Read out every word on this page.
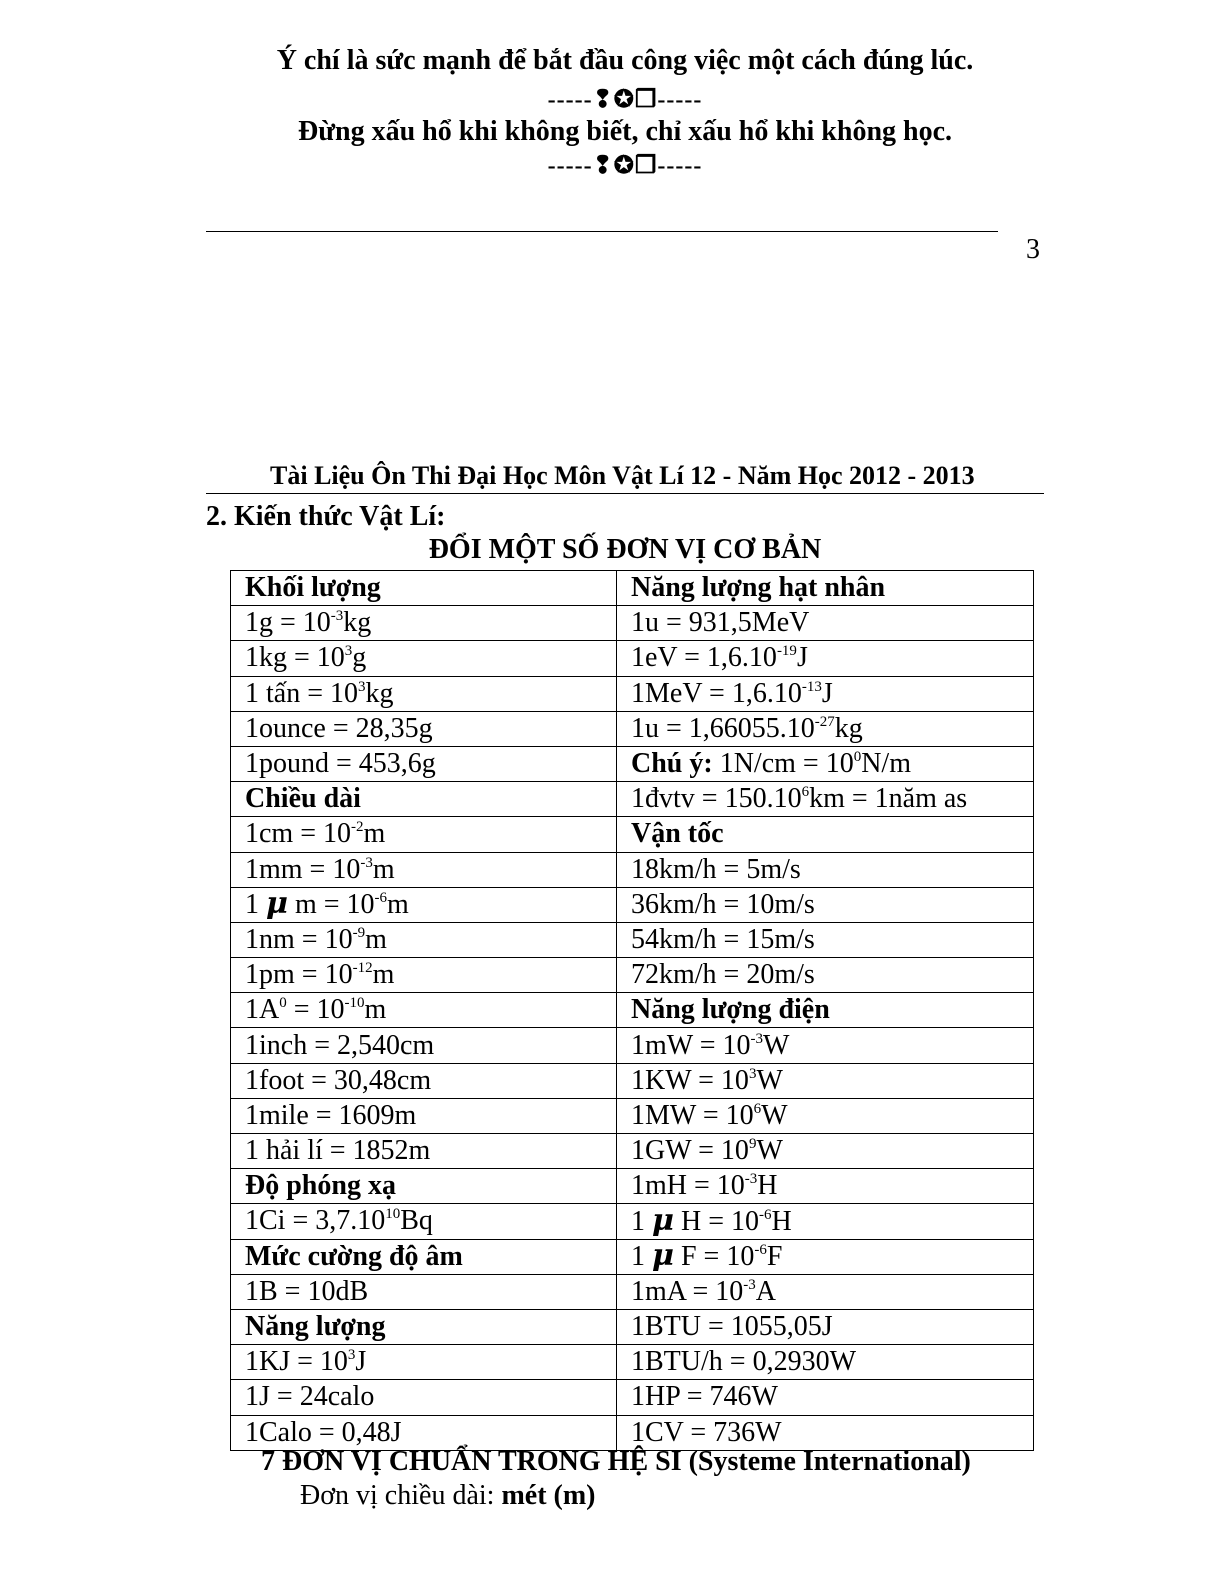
Ý chí là sức mạnh để bắt đầu công việc một cách đúng lúc.
-----❢✪❒-----
Đừng xấu hổ khi không biết, chỉ xấu hổ khi không học.
-----❢✪❒-----
3
Tài Liệu Ôn Thi Đại Học Môn Vật Lí 12 - Năm Học 2012 - 2013
2. Kiến thức Vật Lí:
ĐỔI MỘT SỐ ĐƠN VỊ CƠ BẢN
Khối lượng	Năng lượng hạt nhân
$1g = 10^{-3}kg$	1u = 931,5MeV
$1kg = 10^3g$	$1eV = 1,6.10^{-19}J$
1 tấn = $10^3kg$	$1MeV = 1,6.10^{-13}J$
1ounce = 28,35g	$1u = 1,66055.10^{-27}kg$
1pound = 453,6g	Chú ý: $1N/cm = 10^0N/m$
Chiều dài	1đvtv = $150.10^6km$ = 1năm as
$1cm = 10^{-2}m$	Vận tốc
$1mm = 10^{-3}m$	18km/h = 5m/s
1 μ $m = 10^{-6}m$	36km/h = 10m/s
$1nm = 10^{-9}m$	54km/h = 15m/s
$1pm = 10^{-12}m$	72km/h = 20m/s
$1A^0 = 10^{-10}m$	Năng lượng điện
1inch = 2,540cm	$1mW = 10^{-3}W$
1foot = 30,48cm	$1KW = 10^3W$
1mile = 1609m	$1MW = 10^6W$
1 hải lí = 1852m	$1GW = 10^9W$
Độ phóng xạ	$1mH = 10^{-3}H$
$1Ci = 3,7.10^{10}Bq$	1 μ $H = 10^{-6}H$
Mức cường độ âm	1 μ $F = 10^{-6}F$
1B = 10dB	$1mA = 10^{-3}A$
Năng lượng	1BTU = 1055,05J
$1KJ = 10^3J$	1BTU/h = 0,2930W
1J = 24calo	1HP = 746W
1Calo = 0,48J	1CV = 736W
7 ĐƠN VỊ CHUẨN TRONG HỆ SI (Systeme International)
Đơn vị chiều dài: mét (m)
